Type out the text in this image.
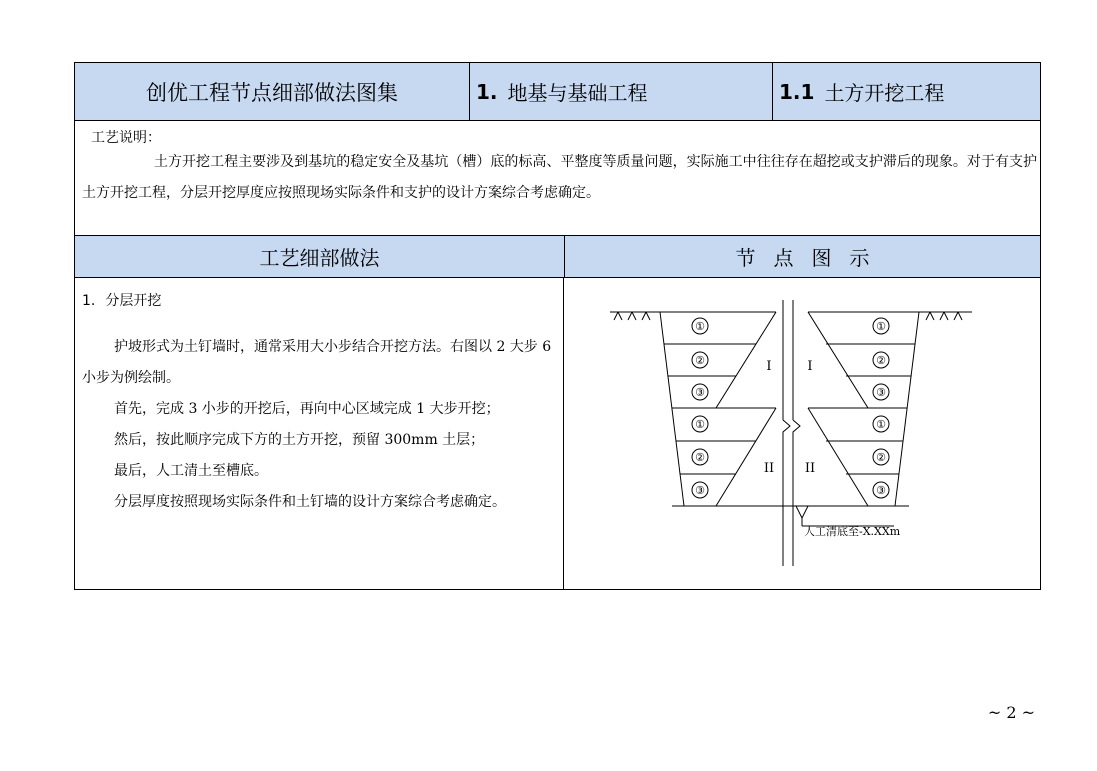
创优工程节点细部做法图集	1. 地基与基础工程	1.1 土方开挖工程
工艺说明：
土方开挖工程主要涉及到基坑的稳定安全及基坑（槽）底的标高、平整度等质量问题，实际施工中往往存在超挖或支护滞后的现象。对于有支护土方开挖工程，分层开挖厚度应按照现场实际条件和支护的设计方案综合考虑确定。
工艺细部做法	节点图示
1. 分层开挖
护坡形式为土钉墙时，通常采用大小步结合开挖方法。右图以 2 大步 6 小步为例绘制。
首先，完成 3 小步的开挖后，再向中心区域完成 1 大步开挖；
然后，按此顺序完成下方的土方开挖，预留 300mm 土层；
最后，人工清土至槽底。
分层厚度按照现场实际条件和土钉墙的设计方案综合考虑确定。
①
②
③
①
②
③
①
②
③
①
②
③
I	I
II II
人工清底至-X.XXm
~ 2 ~
